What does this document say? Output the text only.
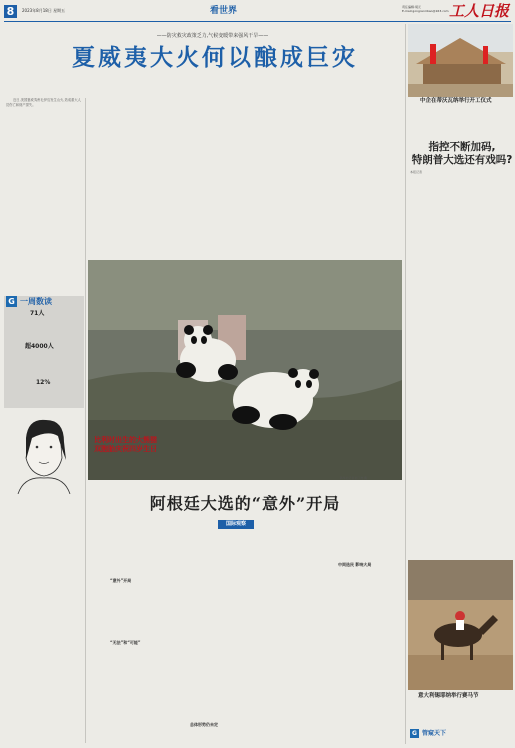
8	2023年8月18日 星期五	看世界	责任编辑:胡元
E-mail:gongrenribao@163.com 工人日报
——防灾救灾政策乏力,气候变暖带来强风干旱——
夏威夷大火何以酿成巨灾

近日,美国夏威夷州毛伊岛发生山火,造成重大人员伤亡和财产损失。

G 一周数读
71人
超4000人
12%
比利时出生的大熊猫
双胞胎庆祝四岁生日
新华社记者 赵丁喆 摄
阿根廷大选的“意外”开局
国际观察
“意外”开局
“无法”和“可能”
总体形势仍未定
中间选民 影响大局
中企在蒂沃瓦纳举行开工仪式
指控不断加码,
特朗普大选还有戏吗?
本报记者
意大利锡耶纳举行赛马节
G 管窥天下
